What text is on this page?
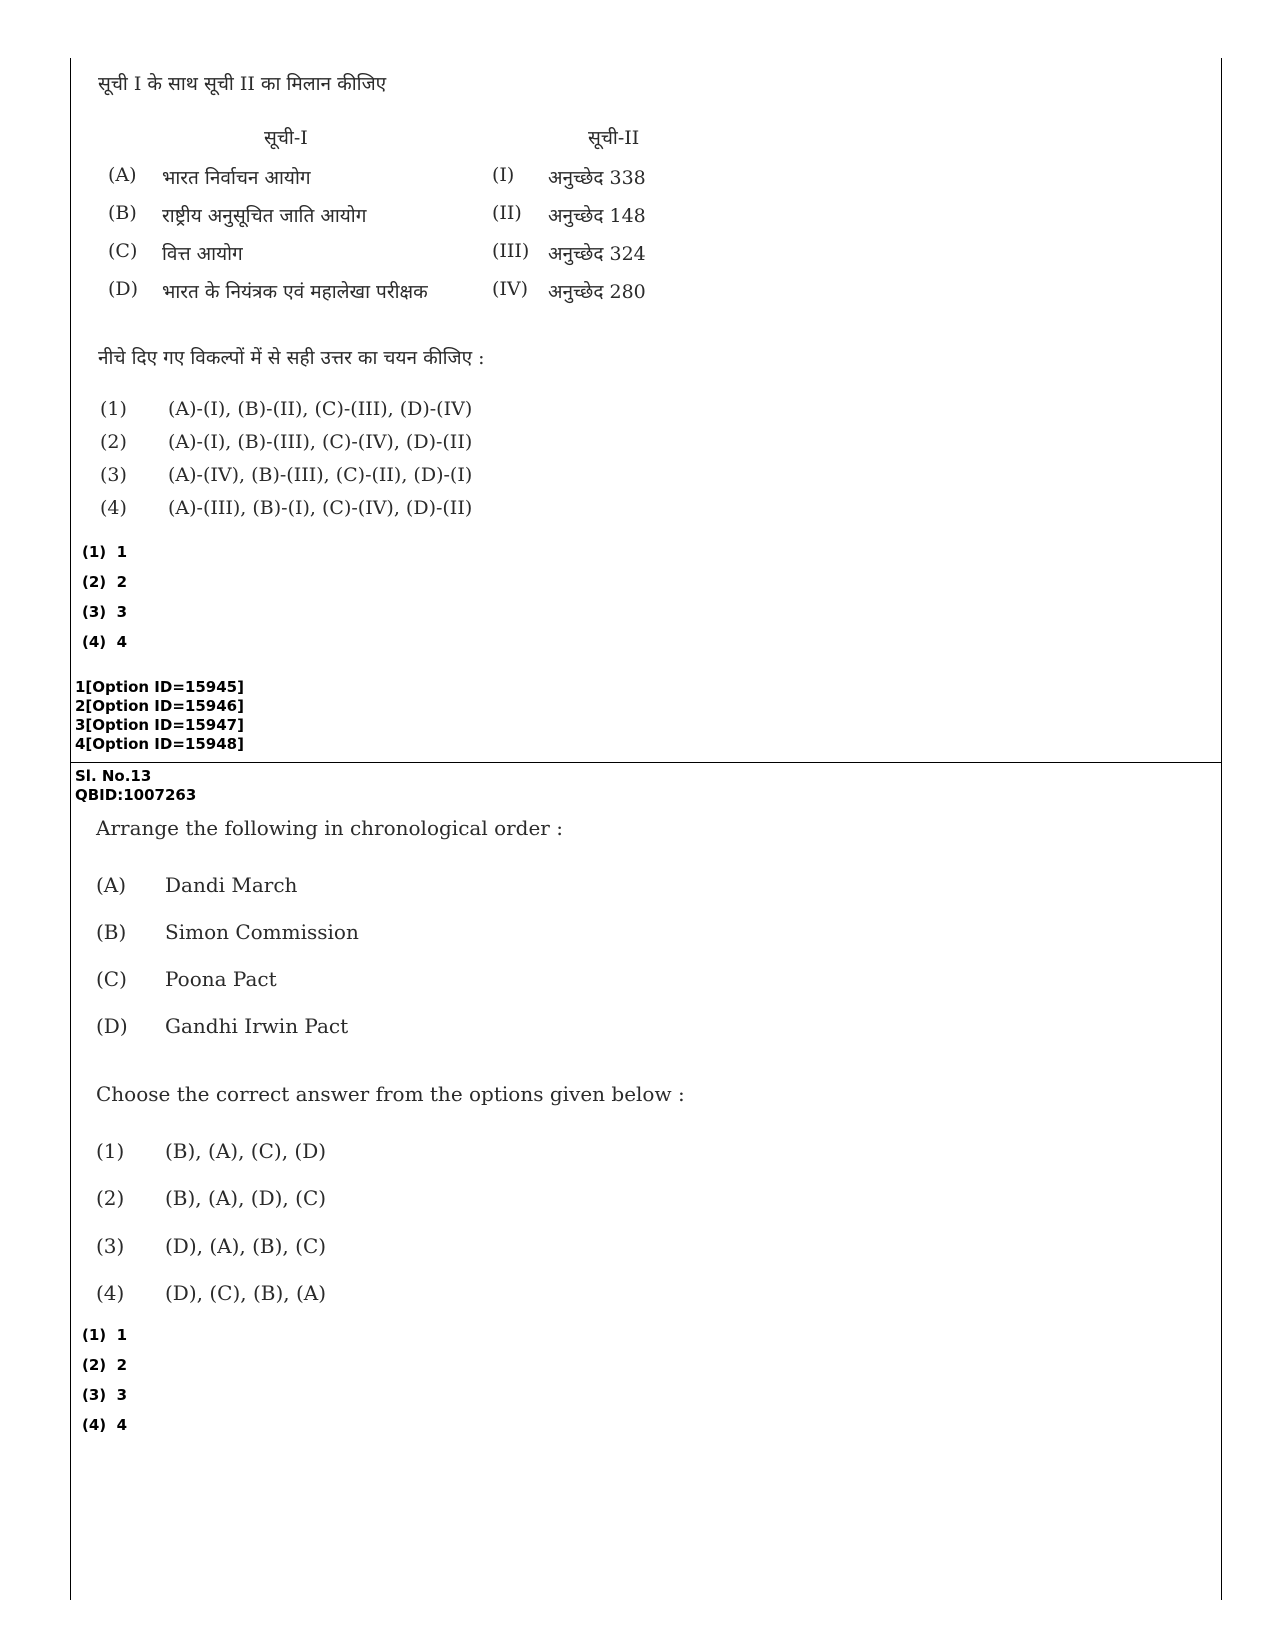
सूची I के साथ सूची II का मिलान कीजिए
सूची-I	सूची-II
(A) भारत निर्वाचन आयोग	(I) अनुच्छेद 338
(B) राष्ट्रीय अनुसूचित जाति आयोग	(II) अनुच्छेद 148
(C) वित्त आयोग	(III) अनुच्छेद 324
(D) भारत के नियंत्रक एवं महालेखा परीक्षक	(IV) अनुच्छेद 280
नीचे दिए गए विकल्पों में से सही उत्तर का चयन कीजिए :
(1) (A)-(I), (B)-(II), (C)-(III), (D)-(IV)
(2) (A)-(I), (B)-(III), (C)-(IV), (D)-(II)
(3) (A)-(IV), (B)-(III), (C)-(II), (D)-(I)
(4) (A)-(III), (B)-(I), (C)-(IV), (D)-(II)
(1)  1
(2)  2
(3)  3
(4)  4
1[Option ID=15945]
2[Option ID=15946]
3[Option ID=15947]
4[Option ID=15948]
Sl. No.13
QBID:1007263
Arrange the following in chronological order :
(A) Dandi March
(B) Simon Commission
(C) Poona Pact
(D) Gandhi Irwin Pact
Choose the correct answer from the options given below :
(1) (B), (A), (C), (D)
(2) (B), (A), (D), (C)
(3) (D), (A), (B), (C)
(4) (D), (C), (B), (A)
(1)  1
(2)  2
(3)  3
(4)  4
